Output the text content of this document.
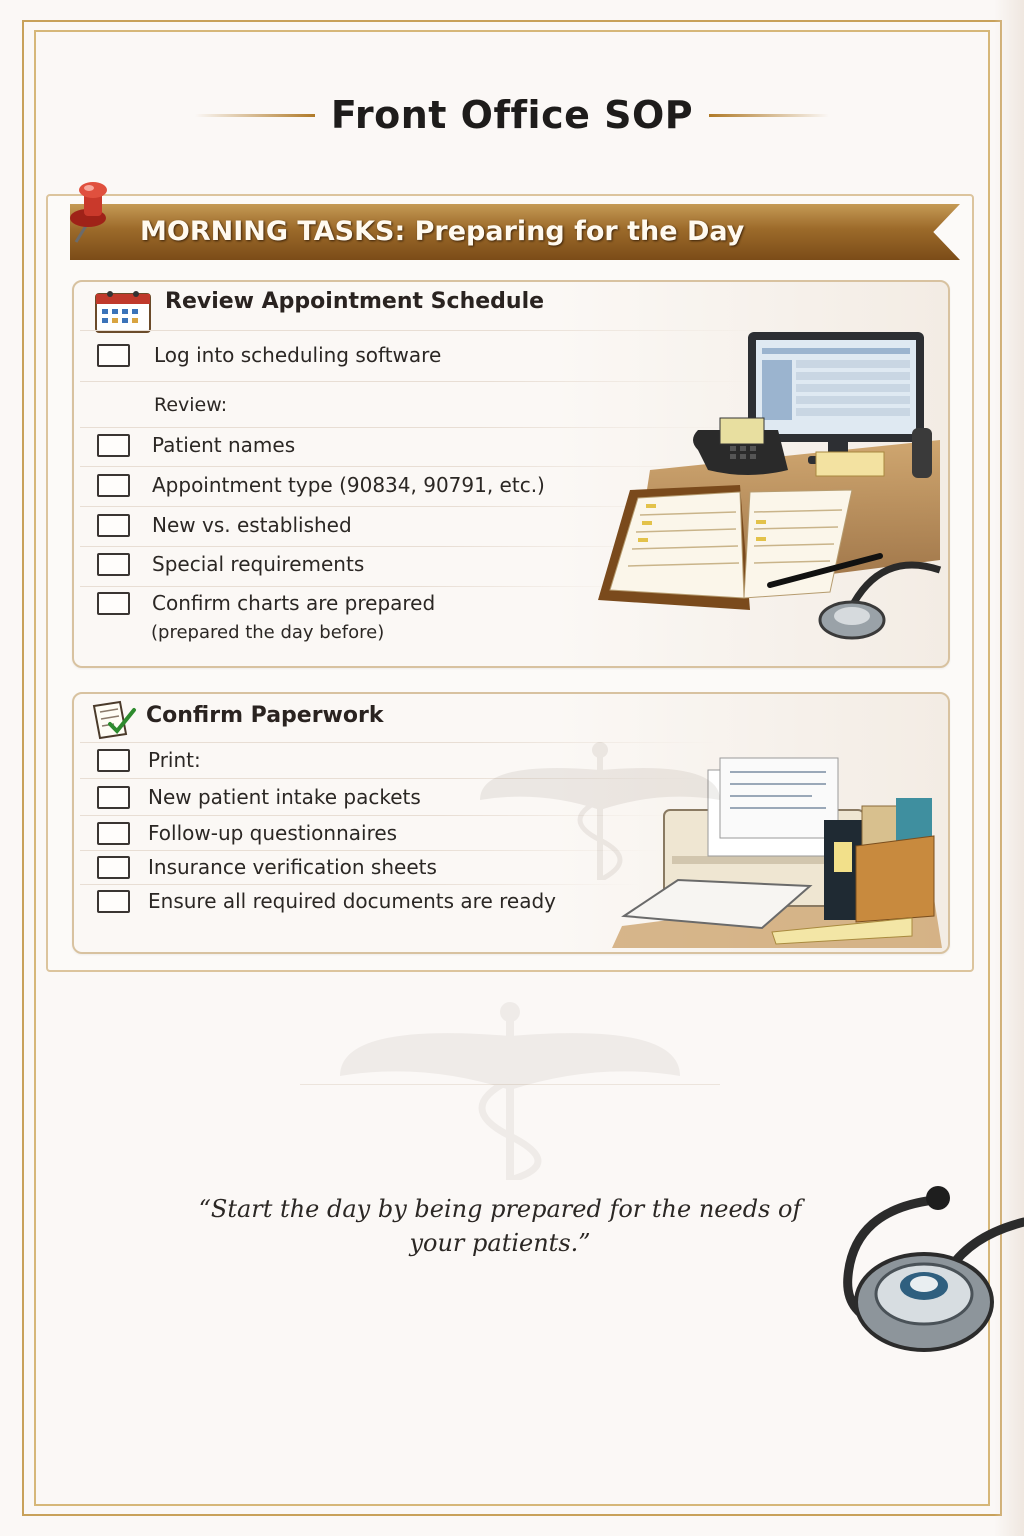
Front Office SOP
MORNING TASKS: Preparing for the Day
Review Appointment Schedule
Log into scheduling software
Review:
Patient names
Appointment type (90834, 90791, etc.)
New vs. established
Special requirements
Confirm charts are prepared
(prepared the day before)
Confirm Paperwork
Print:
New patient intake packets
Follow-up questionnaires
Insurance verification sheets
Ensure all required documents are ready
“Start the day by being prepared for the needs of your patients.”
